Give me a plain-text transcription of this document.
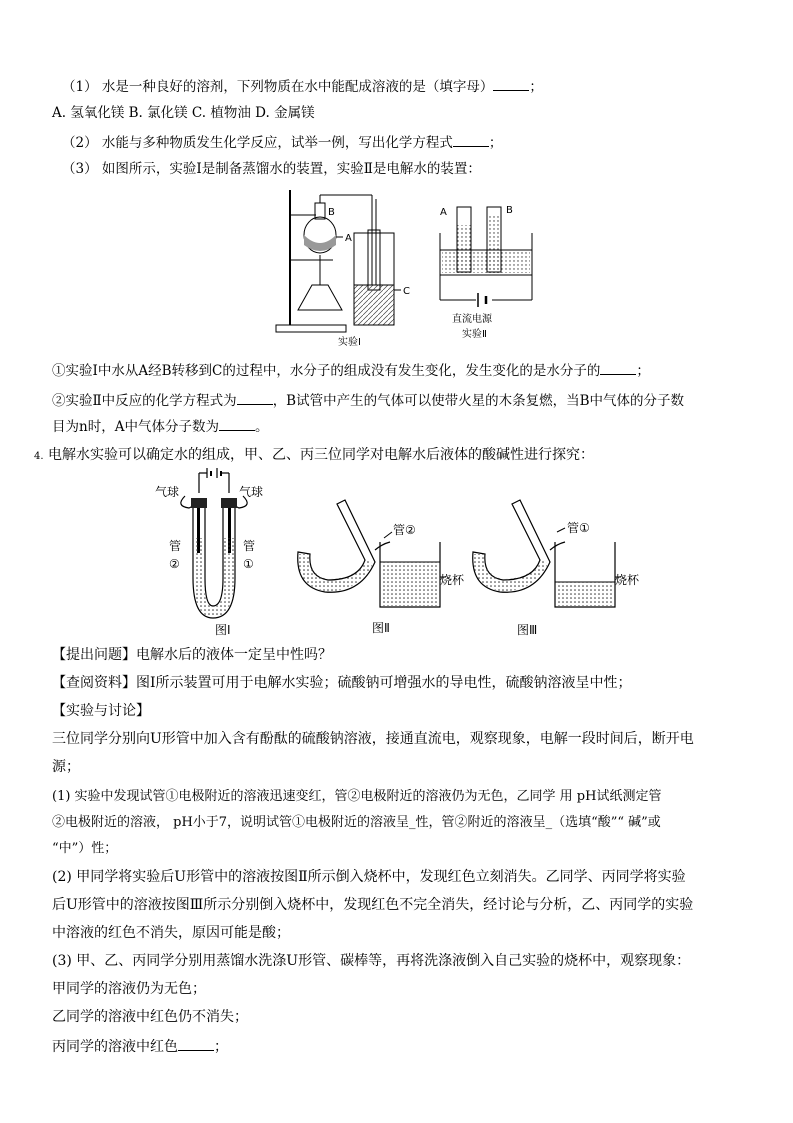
（1） 水是一种良好的溶剂，下列物质在水中能配成溶液的是（填字母）	；
A. 氢氧化镁 B. 氯化镁 C. 植物油 D. 金属镁
（2） 水能与多种物质发生化学反应，试举一例，写出化学方程式	；
（3） 如图所示，实验Ⅰ是制备蒸馏水的装置，实验Ⅱ是电解水的装置：
A
B
C
实验Ⅰ
A	B
直流电源
实验Ⅱ
①实验Ⅰ中水从A经B转移到C的过程中，水分子的组成没有发生变化，发生变化的是水分子的	；
②实验Ⅱ中反应的化学方程式为	，B试管中产生的气体可以使带火星的木条复燃，当B中气体的分子数
目为n时，A中气体分子数为	。
4. 电解水实验可以确定水的组成，甲、乙、丙三位同学对电解水后液体的酸碱性进行探究：
气球	气球
管
②
管
①
图Ⅰ
管②
烧杯
图Ⅱ
管①
烧杯
图Ⅲ
【提出问题】电解水后的液体一定呈中性吗？
【查阅资料】图Ⅰ所示装置可用于电解水实验；硫酸钠可增强水的导电性，硫酸钠溶液呈中性；
【实验与讨论】
三位同学分别向U形管中加入含有酚酞的硫酸钠溶液，接通直流电，观察现象，电解一段时间后，断开电
源；
(1) 实验中发现试管①电极附近的溶液迅速变红，管②电极附近的溶液仍为无色，乙同学 用 pH试纸测定管
②电极附近的溶液， pH小于7，说明试管①电极附近的溶液呈_性，管②附近的溶液呈_（选填“酸”“ 碱”或
“中”）性；
(2) 甲同学将实验后U形管中的溶液按图Ⅱ所示倒入烧杯中，发现红色立刻消失。乙同学、丙同学将实验
后U形管中的溶液按图Ⅲ所示分别倒入烧杯中，发现红色不完全消失，经讨论与分析，乙、丙同学的实验
中溶液的红色不消失，原因可能是酸；
(3) 甲、乙、丙同学分别用蒸馏水洗涤U形管、碳棒等，再将洗涤液倒入自己实验的烧杯中，观察现象：
甲同学的溶液仍为无色；
乙同学的溶液中红色仍不消失；
丙同学的溶液中红色	；
